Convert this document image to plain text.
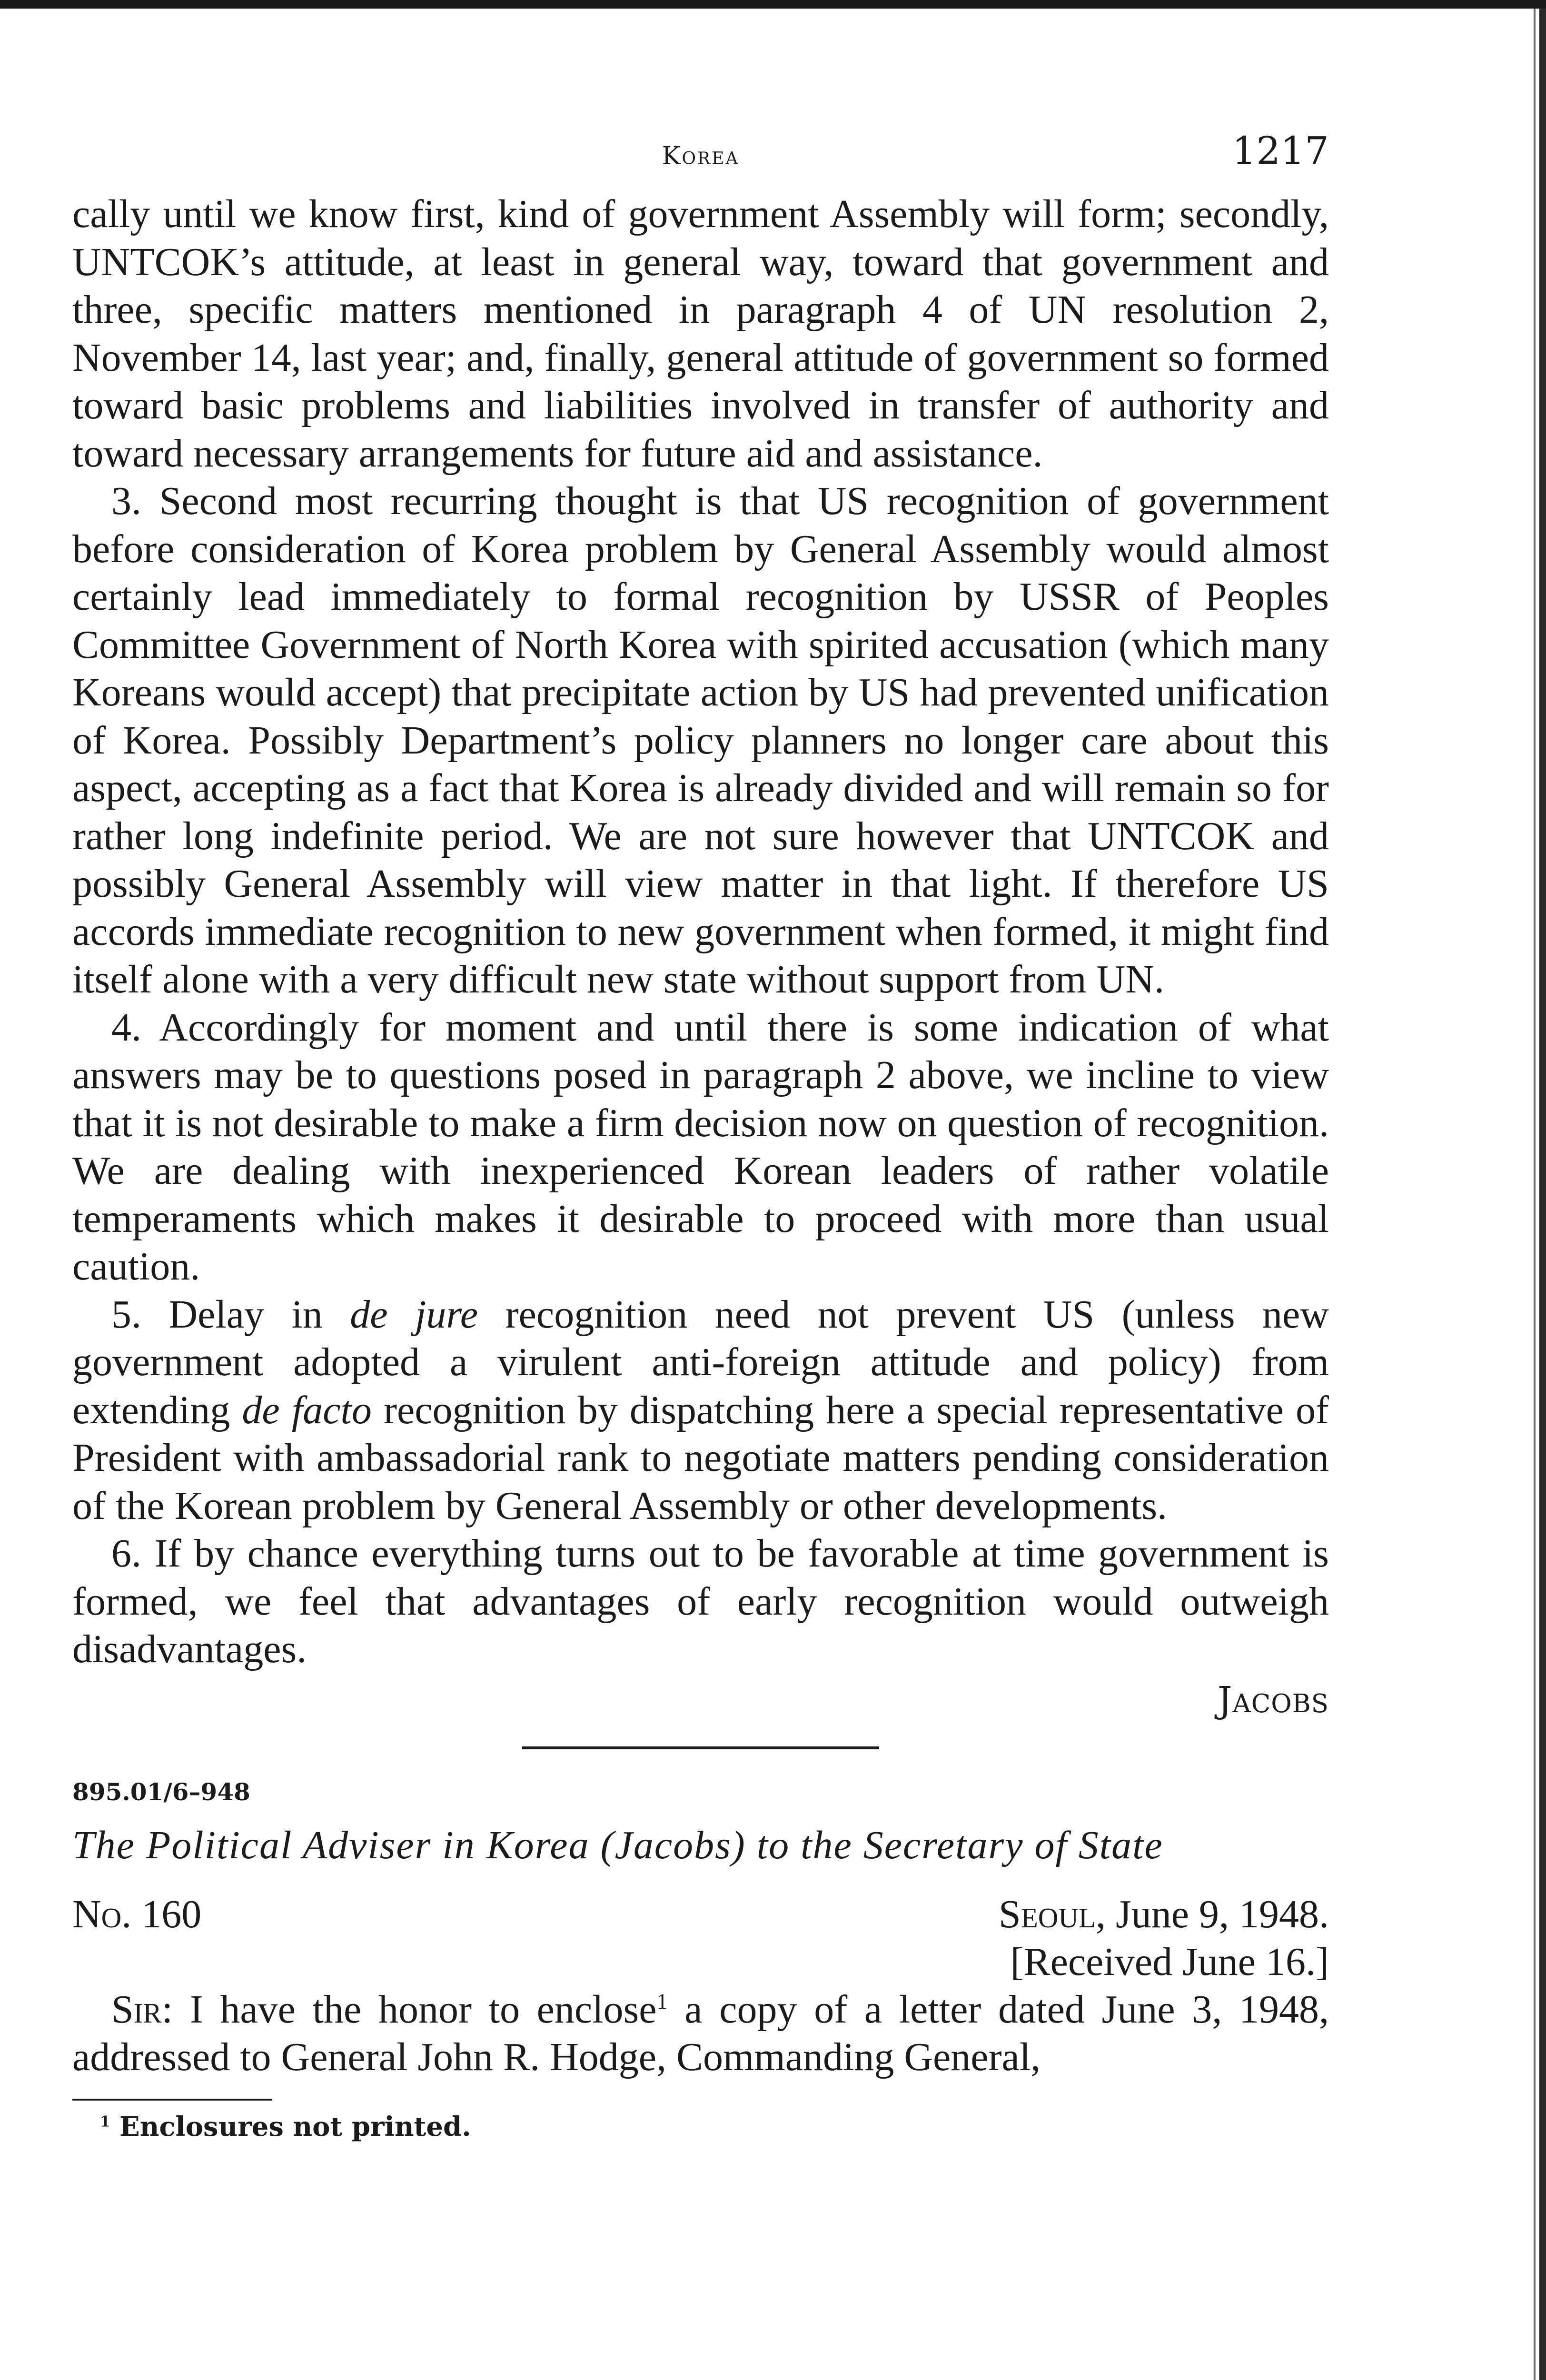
Korea	1217

cally until we know first, kind of government Assembly will form; secondly, UNTCOK’s attitude, at least in general way, toward that government and three, specific matters mentioned in paragraph 4 of UN resolution 2, November 14, last year; and, finally, general attitude of government so formed toward basic problems and liabilities involved in transfer of authority and toward necessary arrangements for future aid and assistance.

3. Second most recurring thought is that US recognition of government before consideration of Korea problem by General Assembly would almost certainly lead immediately to formal recognition by USSR of Peoples Committee Government of North Korea with spirited accusation (which many Koreans would accept) that precipitate action by US had prevented unification of Korea. Possibly Department’s policy planners no longer care about this aspect, accepting as a fact that Korea is already divided and will remain so for rather long indefinite period. We are not sure however that UNTCOK and possibly General Assembly will view matter in that light. If therefore US accords immediate recognition to new government when formed, it might find itself alone with a very difficult new state without support from UN.

4. Accordingly for moment and until there is some indication of what answers may be to questions posed in paragraph 2 above, we incline to view that it is not desirable to make a firm decision now on question of recognition. We are dealing with inexperienced Korean leaders of rather volatile temperaments which makes it desirable to proceed with more than usual caution.

5. Delay in de jure recognition need not prevent US (unless new government adopted a virulent anti-foreign attitude and policy) from extending de facto recognition by dispatching here a special representative of President with ambassadorial rank to negotiate matters pending consideration of the Korean problem by General Assembly or other developments.

6. If by chance everything turns out to be favorable at time government is formed, we feel that advantages of early recognition would outweigh disadvantages.

Jacobs
895.01/6–948
The Political Adviser in Korea (Jacobs) to the Secretary of State
No. 160	Seoul, June 9, 1948.
[Received June 16.]

Sir: I have the honor to enclose$^1$ a copy of a letter dated June 3, 1948, addressed to General John R. Hodge, Commanding General,

$^1$ Enclosures not printed.
